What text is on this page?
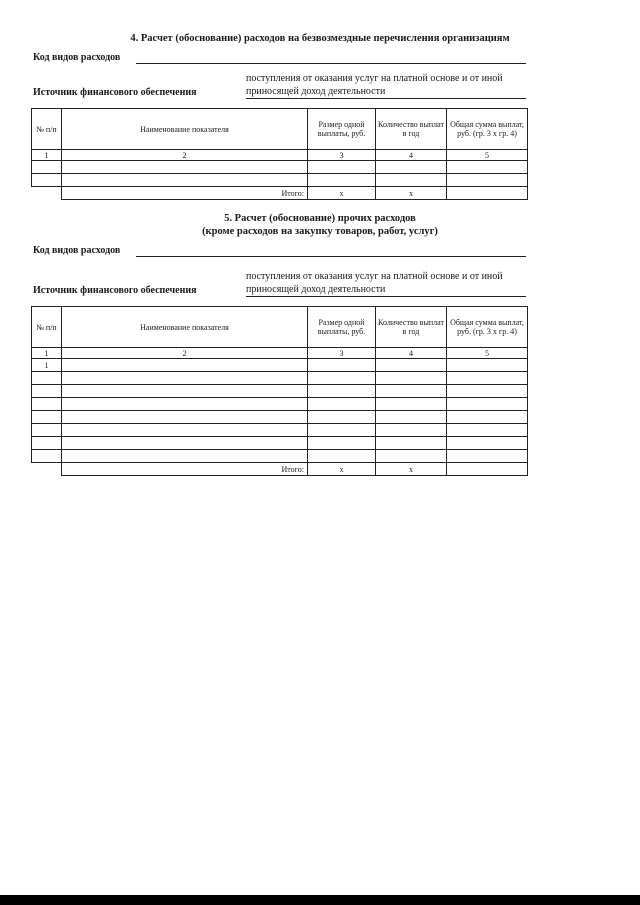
4. Расчет (обоснование) расходов на безвозмездные перечисления организациям
Код видов расходов
поступления от оказания услуг на платной основе и от иной
приносящей доход деятельности
Источник финансового обеспечения
№ п/п	Наименование показателя	Размер одной выплаты, руб.	Количество выплат в год	Общая сумма выплат, руб. (гр. 3 х гр. 4)
1	2	3	4	5

	Итого:	х	х	
5. Расчет (обоснование) прочих расходов
(кроме расходов на закупку товаров, работ, услуг)
Код видов расходов
поступления от оказания услуг на платной основе и от иной
приносящей доход деятельности
Источник финансового обеспечения
№ п/п	Наименование показателя	Размер одной выплаты, руб.	Количество выплат в год	Общая сумма выплат, руб. (гр. 3 х гр. 4)
1	2	3	4	5
1				

	Итого:	х	х	
